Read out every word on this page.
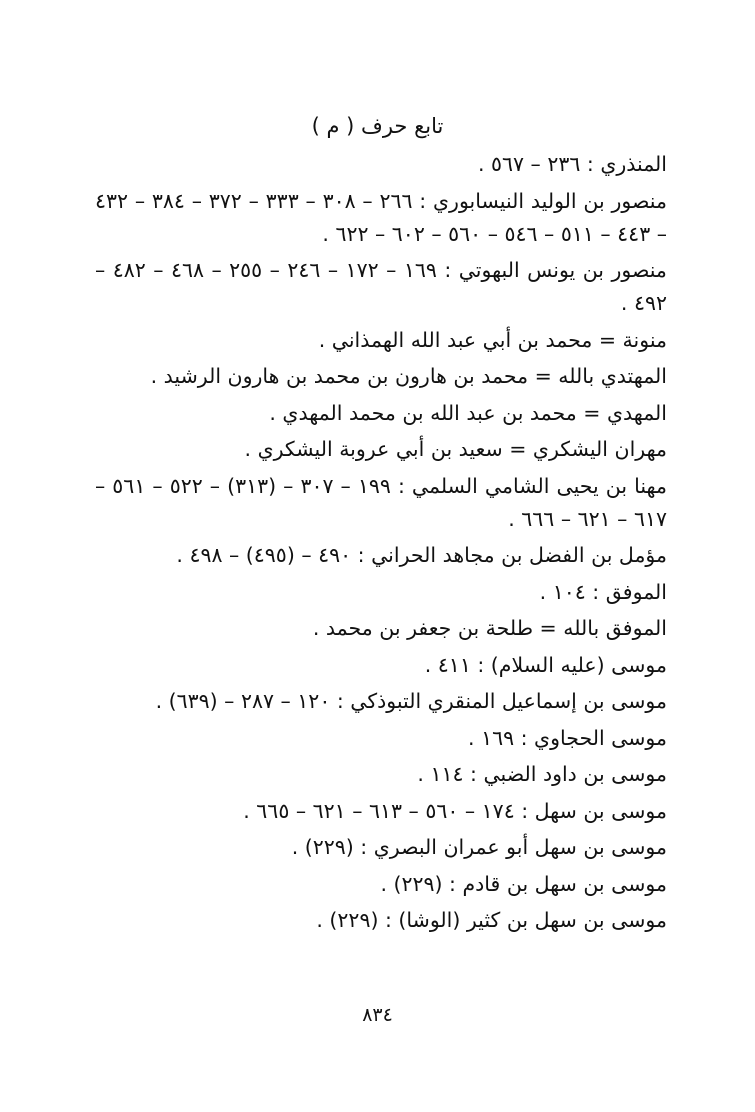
تابع حرف ( م )
المنذري : ٢٣٦ – ٥٦٧ .
منصور بن الوليد النيسابوري : ٢٦٦ – ٣٠٨ – ٣٣٣ – ٣٧٢ – ٣٨٤ – ٤٣٢ – ٤٤٣ – ٥١١ – ٥٤٦ – ٥٦٠ – ٦٠٢ – ٦٢٢ .
منصور بن يونس البهوتي : ١٦٩ – ١٧٢ – ٢٤٦ – ٢٥٥ – ٤٦٨ – ٤٨٢ – ٤٩٢ .
منونة = محمد بن أبي عبد الله الهمذاني .
المهتدي بالله = محمد بن هارون بن محمد بن هارون الرشيد .
المهدي = محمد بن عبد الله بن محمد المهدي .
مهران اليشكري = سعيد بن أبي عروبة اليشكري .
مهنا بن يحيى الشامي السلمي : ١٩٩ – ٣٠٧ – (٣١٣) – ٥٢٢ – ٥٦١ – ٦١٧ – ٦٢١ – ٦٦٦ .
مؤمل بن الفضل بن مجاهد الحراني : ٤٩٠ – (٤٩٥) – ٤٩٨ .
الموفق : ١٠٤ .
الموفق بالله = طلحة بن جعفر بن محمد .
موسى (عليه السلام) : ٤١١ .
موسى بن إسماعيل المنقري التبوذكي : ١٢٠ – ٢٨٧ – (٦٣٩) .
موسى الحجاوي : ١٦٩ .
موسى بن داود الضبي : ١١٤ .
موسى بن سهل : ١٧٤ – ٥٦٠ – ٦١٣ – ٦٢١ – ٦٦٥ .
موسى بن سهل أبو عمران البصري : (٢٢٩) .
موسى بن سهل بن قادم : (٢٢٩) .
موسى بن سهل بن كثير (الوشا) : (٢٢٩) .
٨٣٤
